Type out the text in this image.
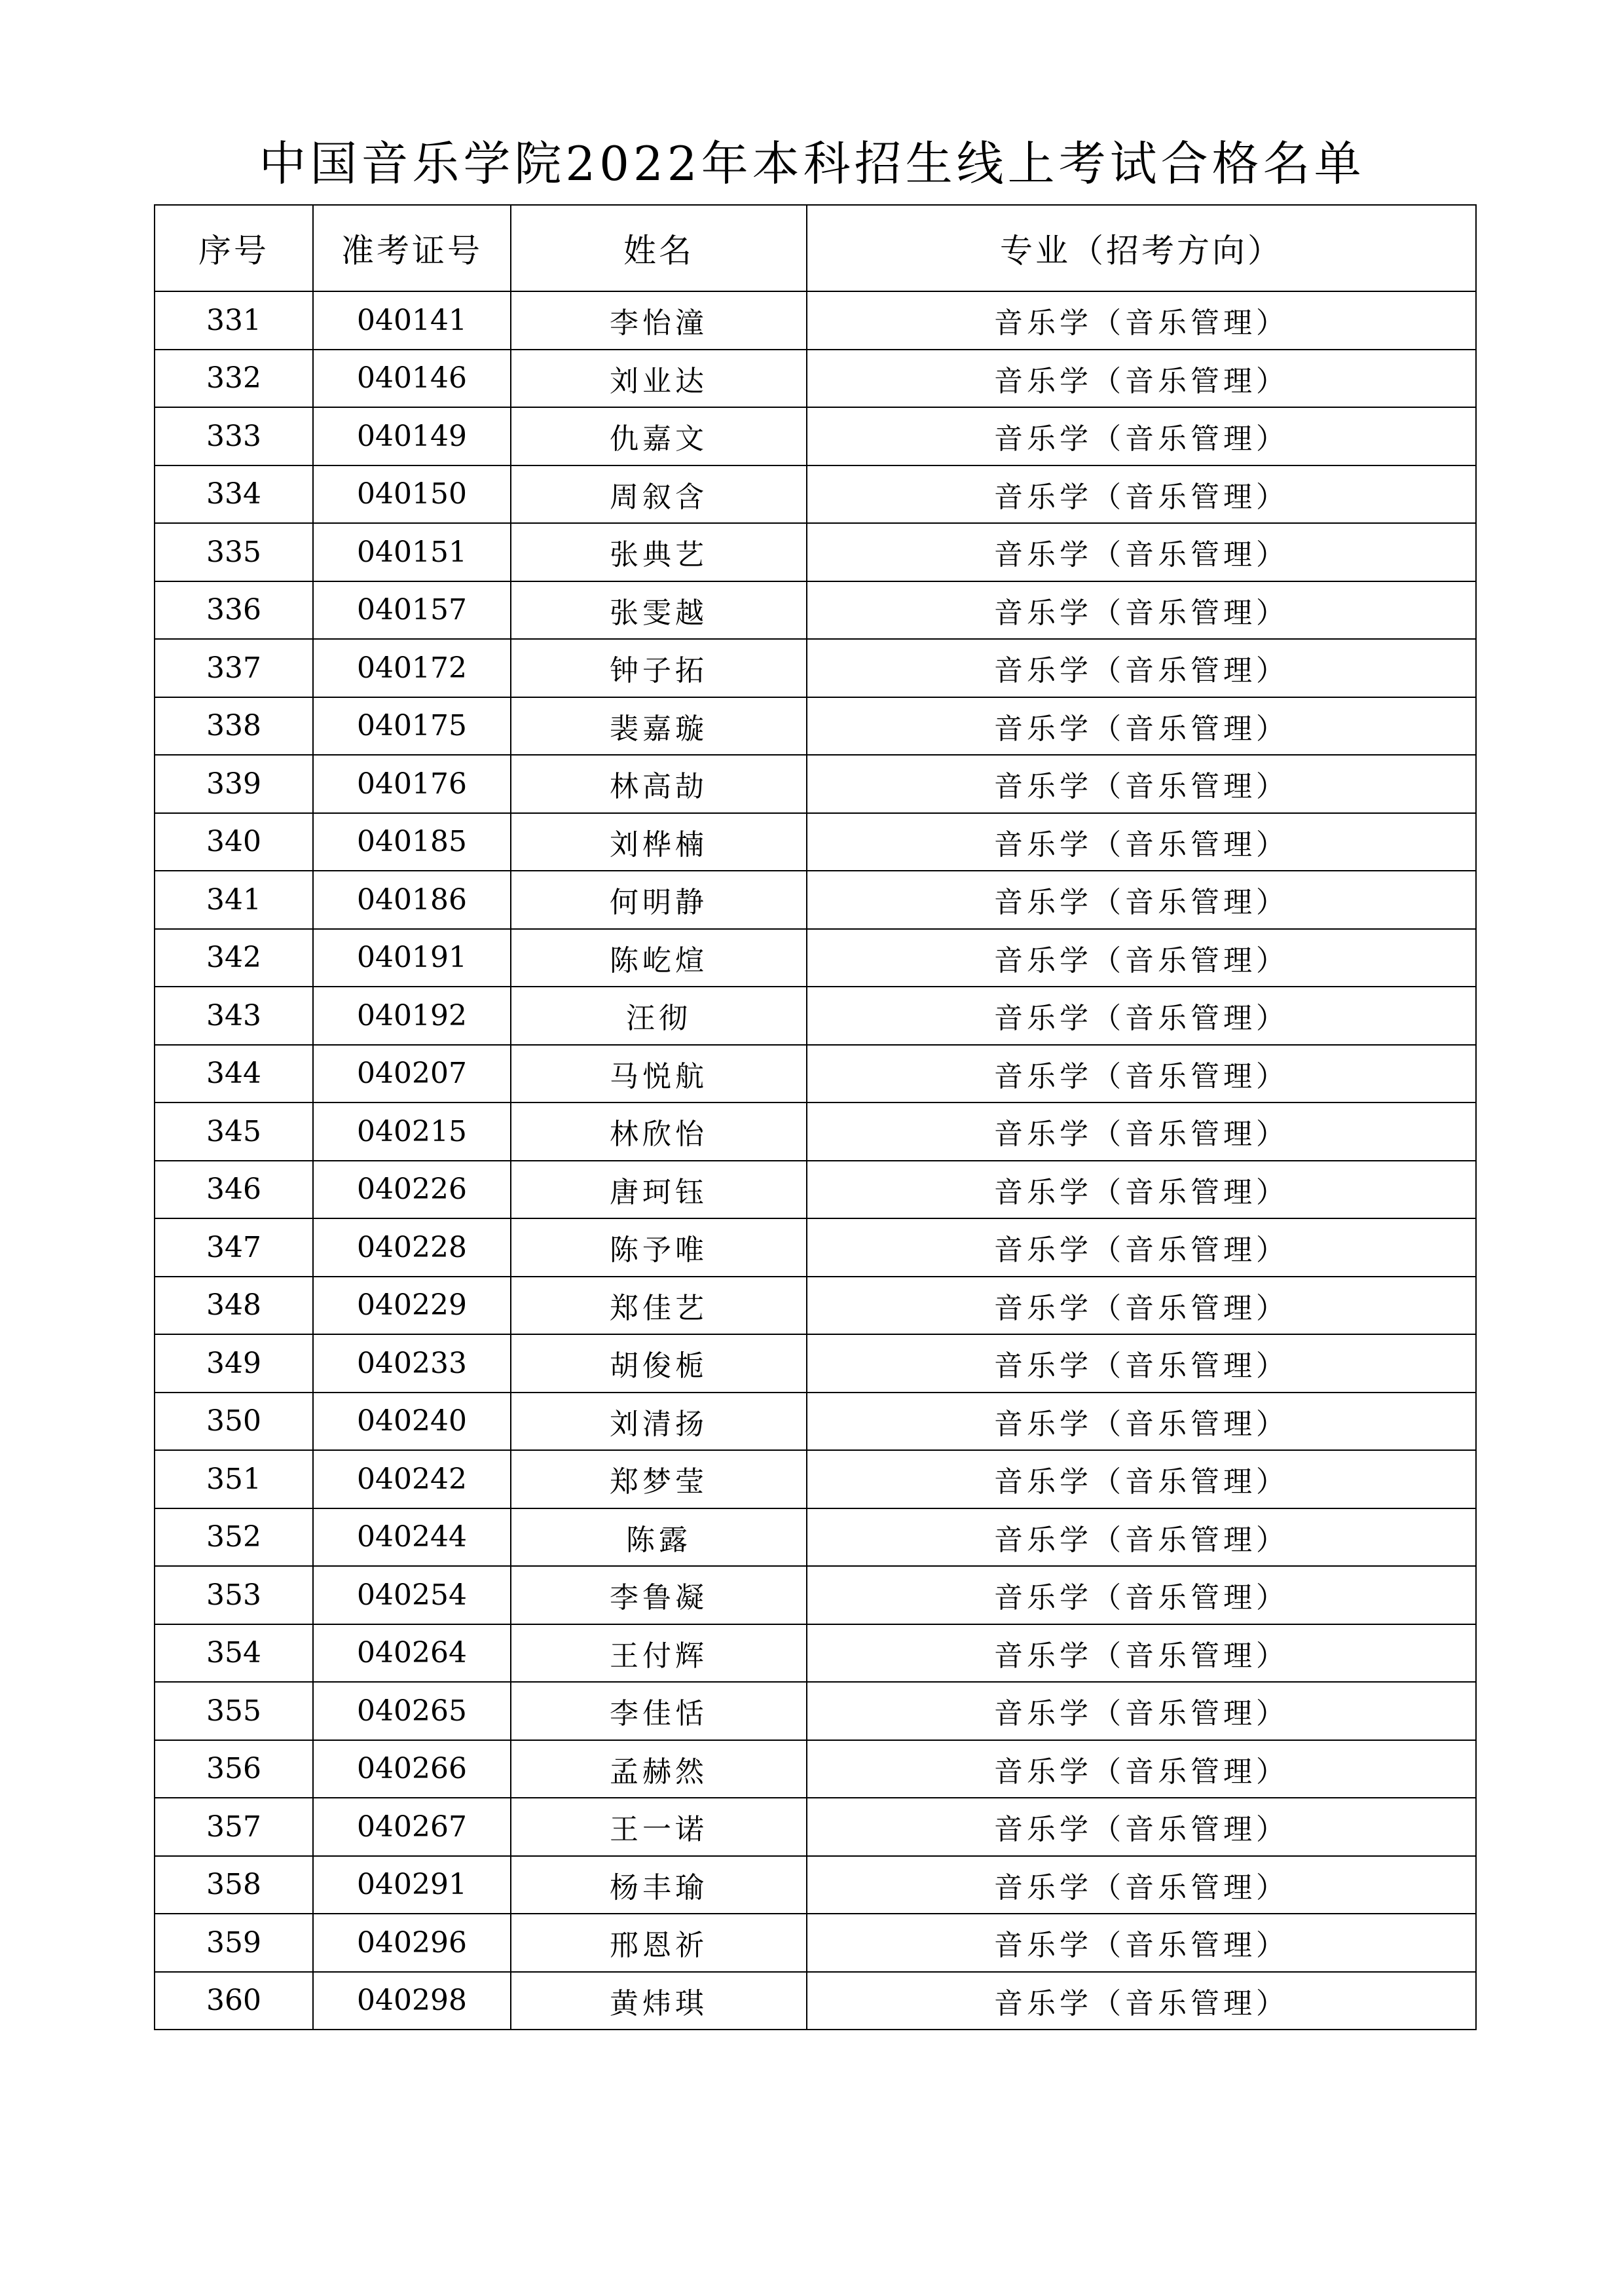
中国音乐学院2022年本科招生线上考试合格名单
序号	准考证号	姓名	专业（招考方向）
331	040141	李怡潼	音乐学（音乐管理）
332	040146	刘业达	音乐学（音乐管理）
333	040149	仇嘉文	音乐学（音乐管理）
334	040150	周叙含	音乐学（音乐管理）
335	040151	张典艺	音乐学（音乐管理）
336	040157	张雯越	音乐学（音乐管理）
337	040172	钟子拓	音乐学（音乐管理）
338	040175	裴嘉璇	音乐学（音乐管理）
339	040176	林高劼	音乐学（音乐管理）
340	040185	刘桦楠	音乐学（音乐管理）
341	040186	何明静	音乐学（音乐管理）
342	040191	陈屹煊	音乐学（音乐管理）
343	040192	汪彻	音乐学（音乐管理）
344	040207	马悦航	音乐学（音乐管理）
345	040215	林欣怡	音乐学（音乐管理）
346	040226	唐珂钰	音乐学（音乐管理）
347	040228	陈予唯	音乐学（音乐管理）
348	040229	郑佳艺	音乐学（音乐管理）
349	040233	胡俊栀	音乐学（音乐管理）
350	040240	刘清扬	音乐学（音乐管理）
351	040242	郑梦莹	音乐学（音乐管理）
352	040244	陈露	音乐学（音乐管理）
353	040254	李鲁凝	音乐学（音乐管理）
354	040264	王付辉	音乐学（音乐管理）
355	040265	李佳恬	音乐学（音乐管理）
356	040266	孟赫然	音乐学（音乐管理）
357	040267	王一诺	音乐学（音乐管理）
358	040291	杨丰瑜	音乐学（音乐管理）
359	040296	邢恩祈	音乐学（音乐管理）
360	040298	黄炜琪	音乐学（音乐管理）
